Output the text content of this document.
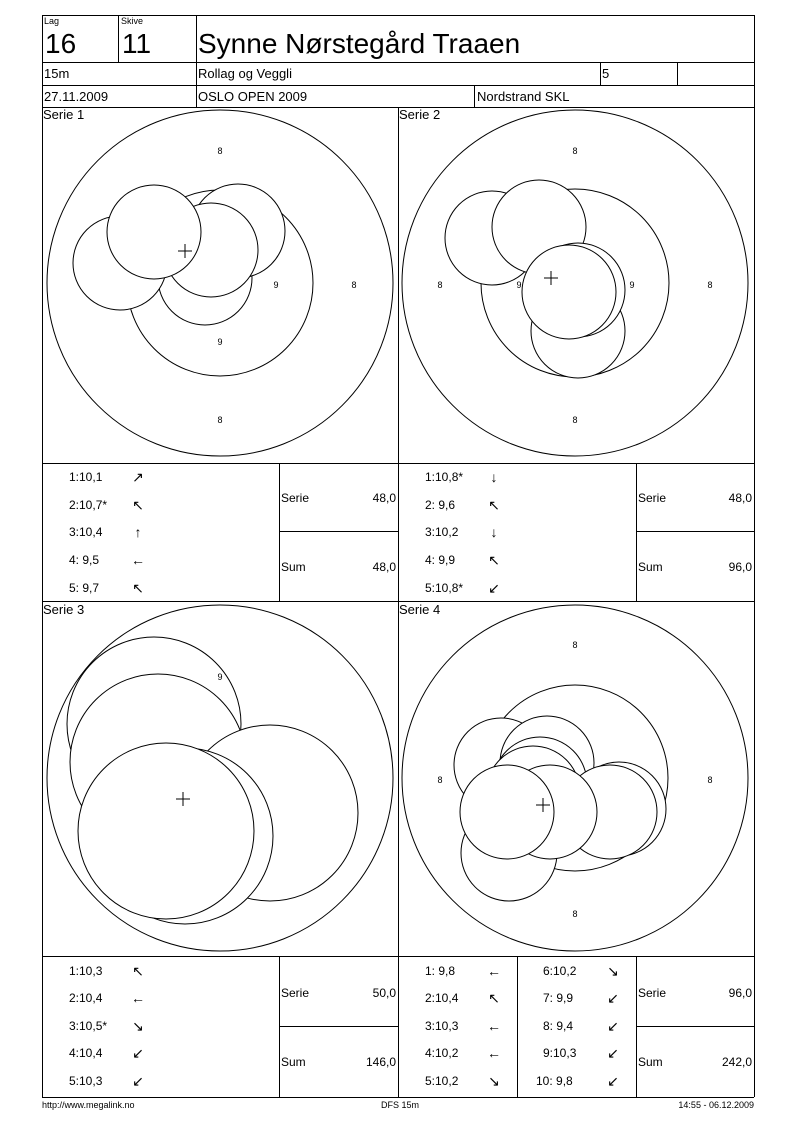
Lag
16
Skive
11 Synne Nørstegård Traaen
15m	Rollag og Veggli	5
27.11.2009	OSLO OPEN 2009	Nordstrand SKL
Serie 1	Serie 2
Serie 3	Serie 4
8
9	8
9
8
8
8	9	9	8
8
9
8
8	8
8
1:10,1 ↗
2:10,7* ↖
3:10,4 ↑
4: 9,5 ←
5: 9,7 ↖
Serie	48,0
Sum	48,0
1:10,8* ↓
2: 9,6 ↖
3:10,2 ↓
4: 9,9 ↖
5:10,8* ↙
Serie	48,0
Sum	96,0
1:10,3 ↖
2:10,4 ←
3:10,5* ↘
4:10,4 ↙
5:10,3 ↙
Serie	50,0
Sum	146,0
1: 9,8 ←
2:10,4 ↖
3:10,3 ←
4:10,2 ←
5:10,2 ↘
6:10,2 ↘
7: 9,9 ↙
8: 9,4 ↙
9:10,3 ↙
10: 9,8 ↙
Serie	96,0
Sum	242,0
http://www.megalink.no	DFS 15m	14:55 - 06.12.2009
